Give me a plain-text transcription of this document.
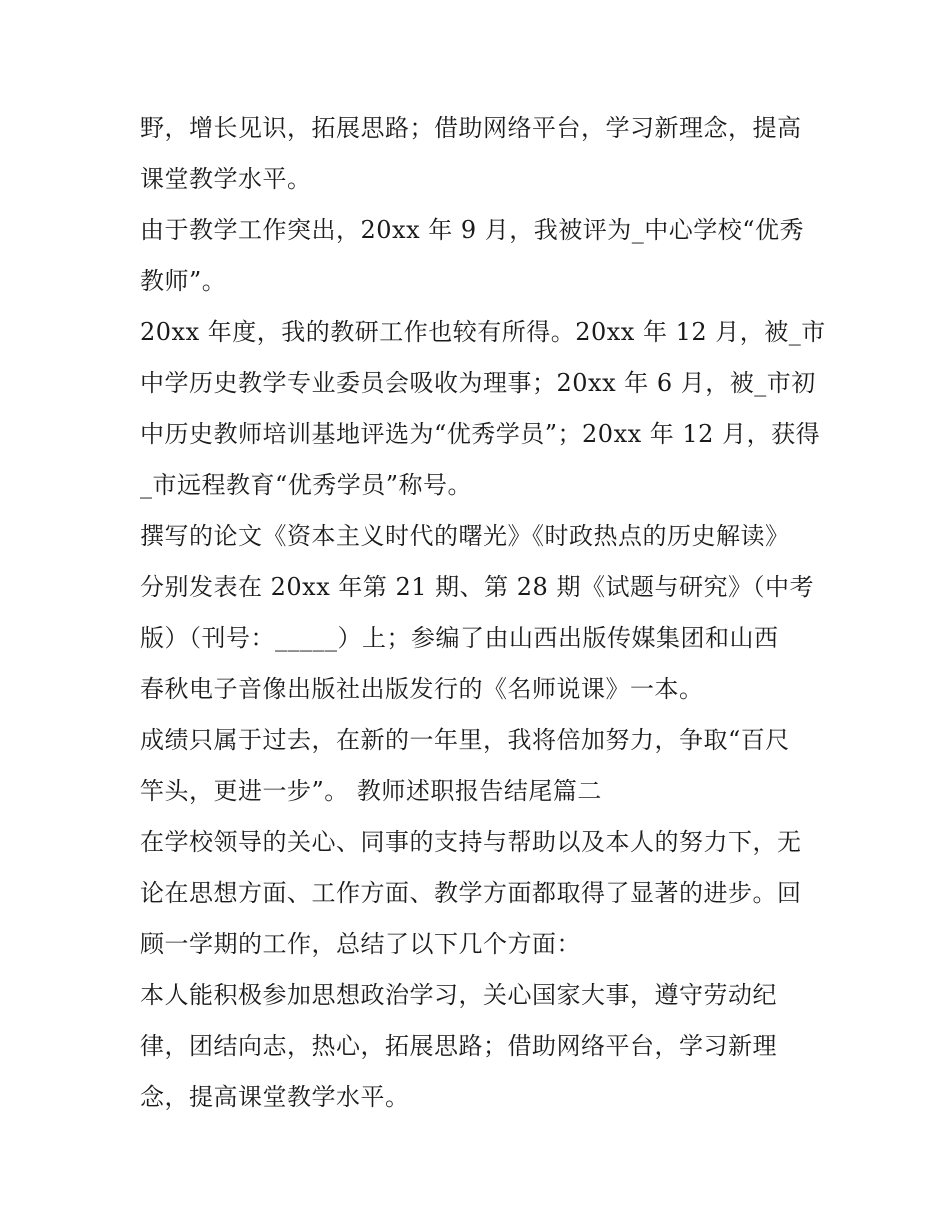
野，增长见识，拓展思路；借助网络平台，学习新理念，提高
课堂教学水平。
由于教学工作突出，20xx 年 9 月，我被评为_中心学校“优秀
教师”。
20xx 年度，我的教研工作也较有所得。20xx 年 12 月，被_市
中学历史教学专业委员会吸收为理事；20xx 年 6 月，被_市初
中历史教师培训基地评选为“优秀学员”；20xx 年 12 月，获得
_市远程教育“优秀学员”称号。
撰写的论文《资本主义时代的曙光》《时政热点的历史解读》
分别发表在 20xx 年第 21 期、第 28 期《试题与研究》（中考
版）（刊号：_____）上；参编了由山西出版传媒集团和山西
春秋电子音像出版社出版发行的《名师说课》一本。
成绩只属于过去，在新的一年里，我将倍加努力，争取“百尺
竿头，更进一步”。 教师述职报告结尾篇二
在学校领导的关心、同事的支持与帮助以及本人的努力下，无
论在思想方面、工作方面、教学方面都取得了显著的进步。回
顾一学期的工作，总结了以下几个方面：
本人能积极参加思想政治学习，关心国家大事，遵守劳动纪
律，团结向志，热心，拓展思路；借助网络平台，学习新理
念，提高课堂教学水平。
